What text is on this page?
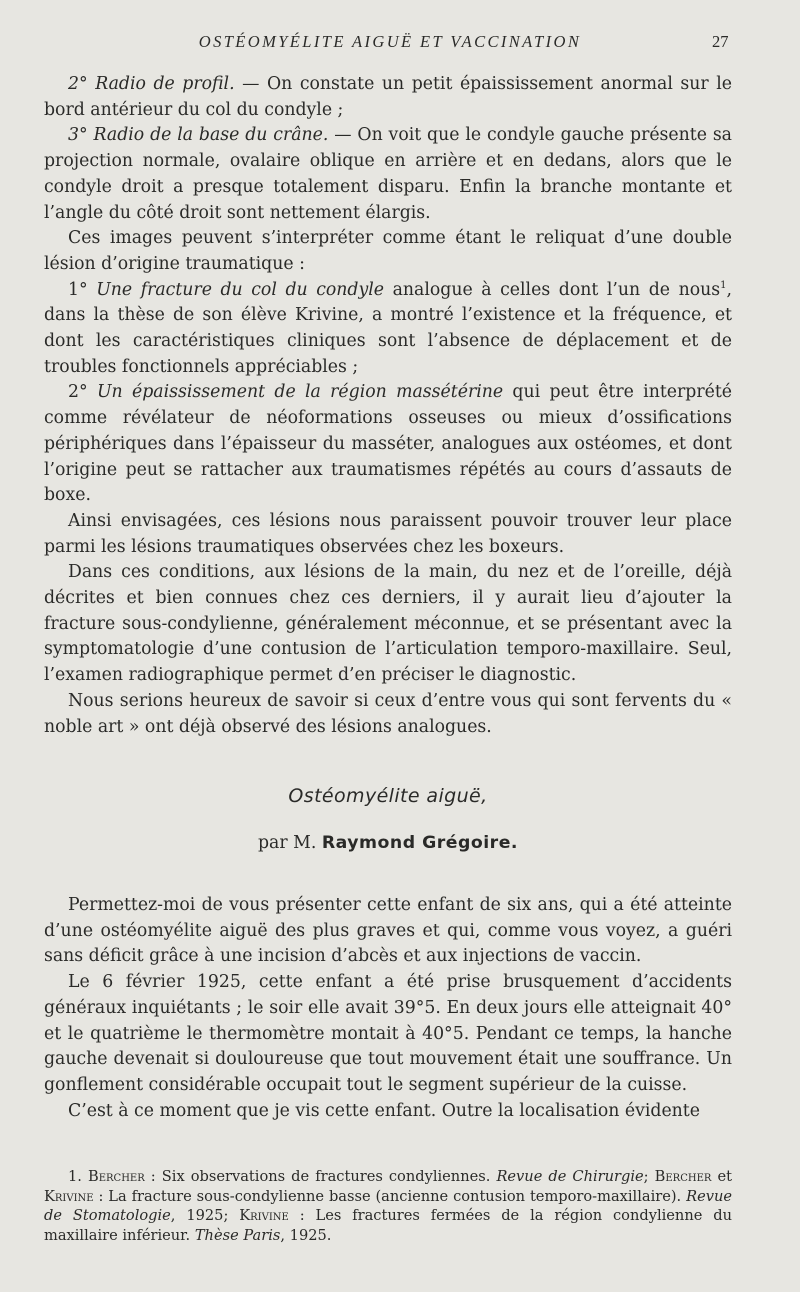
OSTÉOMYÉLITE AIGUË ET VACCINATION	27

2° Radio de profil. — On constate un petit épaississement anormal sur le bord antérieur du col du condyle ;

3° Radio de la base du crâne. — On voit que le condyle gauche présente sa projection normale, ovalaire oblique en arrière et en dedans, alors que le condyle droit a presque totalement disparu. Enfin la branche montante et l’angle du côté droit sont nettement élargis.

Ces images peuvent s’interpréter comme étant le reliquat d’une double lésion d’origine traumatique :

1° Une fracture du col du condyle analogue à celles dont l’un de nous$^1$, dans la thèse de son élève Krivine, a montré l’existence et la fréquence, et dont les caractéristiques cliniques sont l’absence de déplacement et de troubles fonctionnels appréciables ;

2° Un épaississement de la région massétérine qui peut être interprété comme révélateur de néoformations osseuses ou mieux d’ossifications périphériques dans l’épaisseur du masséter, analogues aux ostéomes, et dont l’origine peut se rattacher aux traumatismes répétés au cours d’assauts de boxe.

Ainsi envisagées, ces lésions nous paraissent pouvoir trouver leur place parmi les lésions traumatiques observées chez les boxeurs.

Dans ces conditions, aux lésions de la main, du nez et de l’oreille, déjà décrites et bien connues chez ces derniers, il y aurait lieu d’ajouter la fracture sous-condylienne, généralement méconnue, et se présentant avec la symptomatologie d’une contusion de l’articulation temporo-maxillaire. Seul, l’examen radiographique permet d’en préciser le diagnostic.

Nous serions heureux de savoir si ceux d’entre vous qui sont fervents du « noble art » ont déjà observé des lésions analogues.

Ostéomyélite aiguë,
par M. Raymond Grégoire.

Permettez-moi de vous présenter cette enfant de six ans, qui a été atteinte d’une ostéomyélite aiguë des plus graves et qui, comme vous voyez, a guéri sans déficit grâce à une incision d’abcès et aux injections de vaccin.

Le 6 février 1925, cette enfant a été prise brusquement d’accidents généraux inquiétants ; le soir elle avait 39°5. En deux jours elle atteignait 40° et le quatrième le thermomètre montait à 40°5. Pendant ce temps, la hanche gauche devenait si douloureuse que tout mouvement était une souffrance. Un gonflement considérable occupait tout le segment supérieur de la cuisse.

C’est à ce moment que je vis cette enfant. Outre la localisation évidente

1. Bercher : Six observations de fractures condyliennes. Revue de Chirurgie; Bercher et Krivine : La fracture sous-condylienne basse (ancienne contusion temporo-maxillaire). Revue de Stomatologie, 1925; Krivine : Les fractures fermées de la région condylienne du maxillaire inférieur. Thèse Paris, 1925.
